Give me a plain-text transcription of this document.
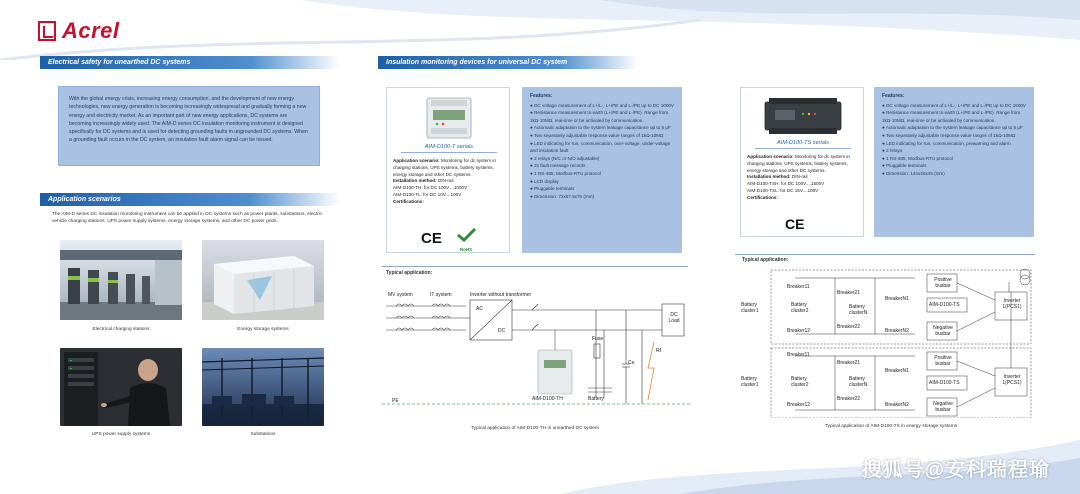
Acrel
Electrical safety for unearthed DC systems
With the global energy crisis, increasing energy consumption, and the development of new energy technologies, new energy generation is becoming increasingly widespread and gradually forming a new energy and electricity market. As an important part of new energy applications, DC systems are becoming increasingly widely used. The AIM-D series DC insulation monitoring instrument is designed specifically for DC systems and is used for detecting grounding faults in ungrounded DC systems. When a grounding fault occurs in the DC system, an insulation fault alarm signal can be issued.
Application scenarios
The AIM-D series DC insulation monitoring instrument can be applied in DC systems such as power plants, substations, electric vehicle charging stations, UPS power supply systems, energy storage systems, and other DC power grids.
Electrical charging stations	Energy storage systems
UPS power supply systems	Substations
Insulation monitoring devices for universal DC system
AIM-D100-T serials
Application scenario: Monitoring for dc system in charging stations, UPS systems, battery systems, energy storage and other DC systems.
Installation method: DIN-rail
AIM-D100-TH: for DC 100V....1000V
AIM-D100-TL: for DC 10V....100V
Certifications:
CE
RoHS
Features:
● DC voltage measurement of L+/L-, L+/PE and L-/PE up to DC 1000V
● Resistance measurement to earth (L+/PE and L-/PE). Range from 1kΩ-10MΩ, real-time or be activated by communication.
● Automatic adaptation to the system leakage capacitance up to 5 μF
● Two separately adjustable response value ranges of 1kΩ-10MΩ
● LED indicating for run, communication, over-voltage, under-voltage and insulation fault
● 2 relays (N/C or N/O adjustable)
● 2x fault message records
● 1 RS-485, Modbus-RTU protocol
● LCD display
● Pluggable terminals
● Dimension: 72x67.5x70 (mm)
AIM-D100-TS serials
Application scenario: Monitoring for dc system in charging stations, UPS systems, battery systems, energy storage and other DC systems.
Installation method: DIN-rail
AIM-D100-TSH: for DC 100V....1500V
AIM-D100-TSL: for DC 15V....100V
Certifications:
CE
Features:
● DC voltage measurement of L+/L-, L+/PE and L-/PE up to DC 1500V
● Resistance measurement to earth (L+/PE and L-/PE). Range from 1kΩ-10MΩ, real-time or be activated by communication.
● Automatic adaptation to the system leakage capacitance up to 5 μF
● Two separately adjustable response value ranges of 1kΩ-10MΩ
● LED indicating for run, communication, prewarning and alarm
● 2 relays
● 1 RS-485, Modbus-RTU protocol
● Pluggable terminals
● Dimension: 144x40x45 (mm)
Typical application:
MV system	IT system	Inverter without transformer
AC
DC
DC Load
Fuse
Ce
Rf
AIM-D100-TH	Battery
PE
Typical application of AIM-D100-TH in unearthed DC system
Typical application:
Breaker11
Breaker12
Breaker21
Breaker22
BreakerN1
BreakerN2
Battery cluster1
Battery cluster2
Battery clusterN
Positive busbar
Negative busbar
AIM-D100-TS
Inverter 1(PCS1)
Breaker11
Breaker12
Breaker21
Breaker22
BreakerN1
BreakerN2
Battery cluster1
Battery cluster2
Battery clusterN
Positive busbar
Negative busbar
AIM-D100-TS
Inverter 1(PCS1)
Typical application of AIM-D100-TS in energy storage systems
搜狐号@安科瑞程瑜
